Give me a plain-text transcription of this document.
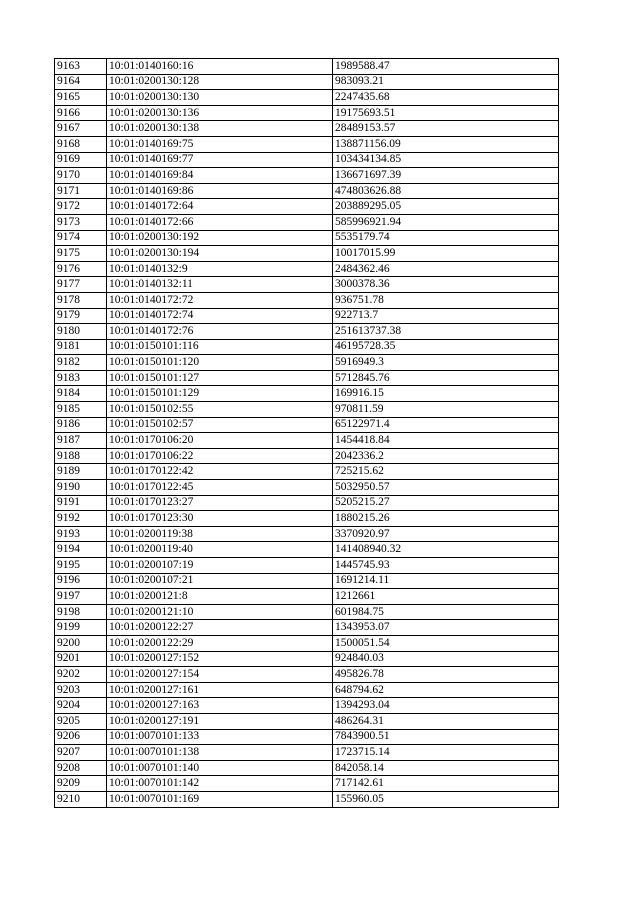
9163	10:01:0140160:16	1989588.47
9164	10:01:0200130:128	983093.21
9165	10:01:0200130:130	2247435.68
9166	10:01:0200130:136	19175693.51
9167	10:01:0200130:138	28489153.57
9168	10:01:0140169:75	138871156.09
9169	10:01:0140169:77	103434134.85
9170	10:01:0140169:84	136671697.39
9171	10:01:0140169:86	474803626.88
9172	10:01:0140172:64	203889295.05
9173	10:01:0140172:66	585996921.94
9174	10:01:0200130:192	5535179.74
9175	10:01:0200130:194	10017015.99
9176	10:01:0140132:9	2484362.46
9177	10:01:0140132:11	3000378.36
9178	10:01:0140172:72	936751.78
9179	10:01:0140172:74	922713.7
9180	10:01:0140172:76	251613737.38
9181	10:01:0150101:116	46195728.35
9182	10:01:0150101:120	5916949.3
9183	10:01:0150101:127	5712845.76
9184	10:01:0150101:129	169916.15
9185	10:01:0150102:55	970811.59
9186	10:01:0150102:57	65122971.4
9187	10:01:0170106:20	1454418.84
9188	10:01:0170106:22	2042336.2
9189	10:01:0170122:42	725215.62
9190	10:01:0170122:45	5032950.57
9191	10:01:0170123:27	5205215.27
9192	10:01:0170123:30	1880215.26
9193	10:01:0200119:38	3370920.97
9194	10:01:0200119:40	141408940.32
9195	10:01:0200107:19	1445745.93
9196	10:01:0200107:21	1691214.11
9197	10:01:0200121:8	1212661
9198	10:01:0200121:10	601984.75
9199	10:01:0200122:27	1343953.07
9200	10:01:0200122:29	1500051.54
9201	10:01:0200127:152	924840.03
9202	10:01:0200127:154	495826.78
9203	10:01:0200127:161	648794.62
9204	10:01:0200127:163	1394293.04
9205	10:01:0200127:191	486264.31
9206	10:01:0070101:133	7843900.51
9207	10:01:0070101:138	1723715.14
9208	10:01:0070101:140	842058.14
9209	10:01:0070101:142	717142.61
9210	10:01:0070101:169	155960.05
